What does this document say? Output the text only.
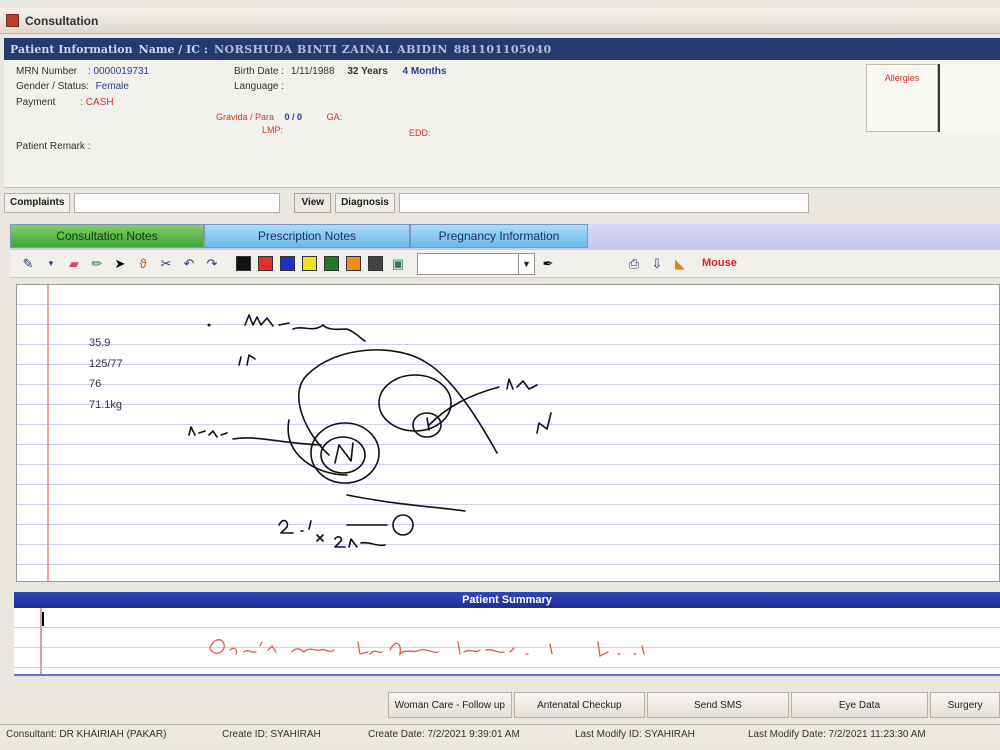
Consultation
Patient Information Name / IC : NORSHUDA BINTI ZAINAL ABIDIN 881101105040
MRN Number : 0000019731
Gender / Status: Female
Payment : CASH
Birth Date : 1/11/1988 32 Years 4 Months
Language :
Gravida / Para 0 / 0	GA:
LMP:	EDD:
Patient Remark :
Allergies
Complaints	View	Diagnosis
Consultation Notes	Prescription Notes	Pregnancy Information
✎	▾	▰ ✏ ➤	ϑ	✂ ↶ ↷	▣	▼ ✒	⎙ ⇩ ◣	Mouse
35.9
125/77
76
71.1kg
Patient Summary
Woman Care - Follow up	Antenatal Checkup	Send SMS	Eye Data	Surgery
Consultant: DR KHAIRIAH (PAKAR)	Create ID: SYAHIRAH	Create Date: 7/2/2021 9:39:01 AM	Last Modify ID: SYAHIRAH	Last Modify Date: 7/2/2021 11:23:30 AM
